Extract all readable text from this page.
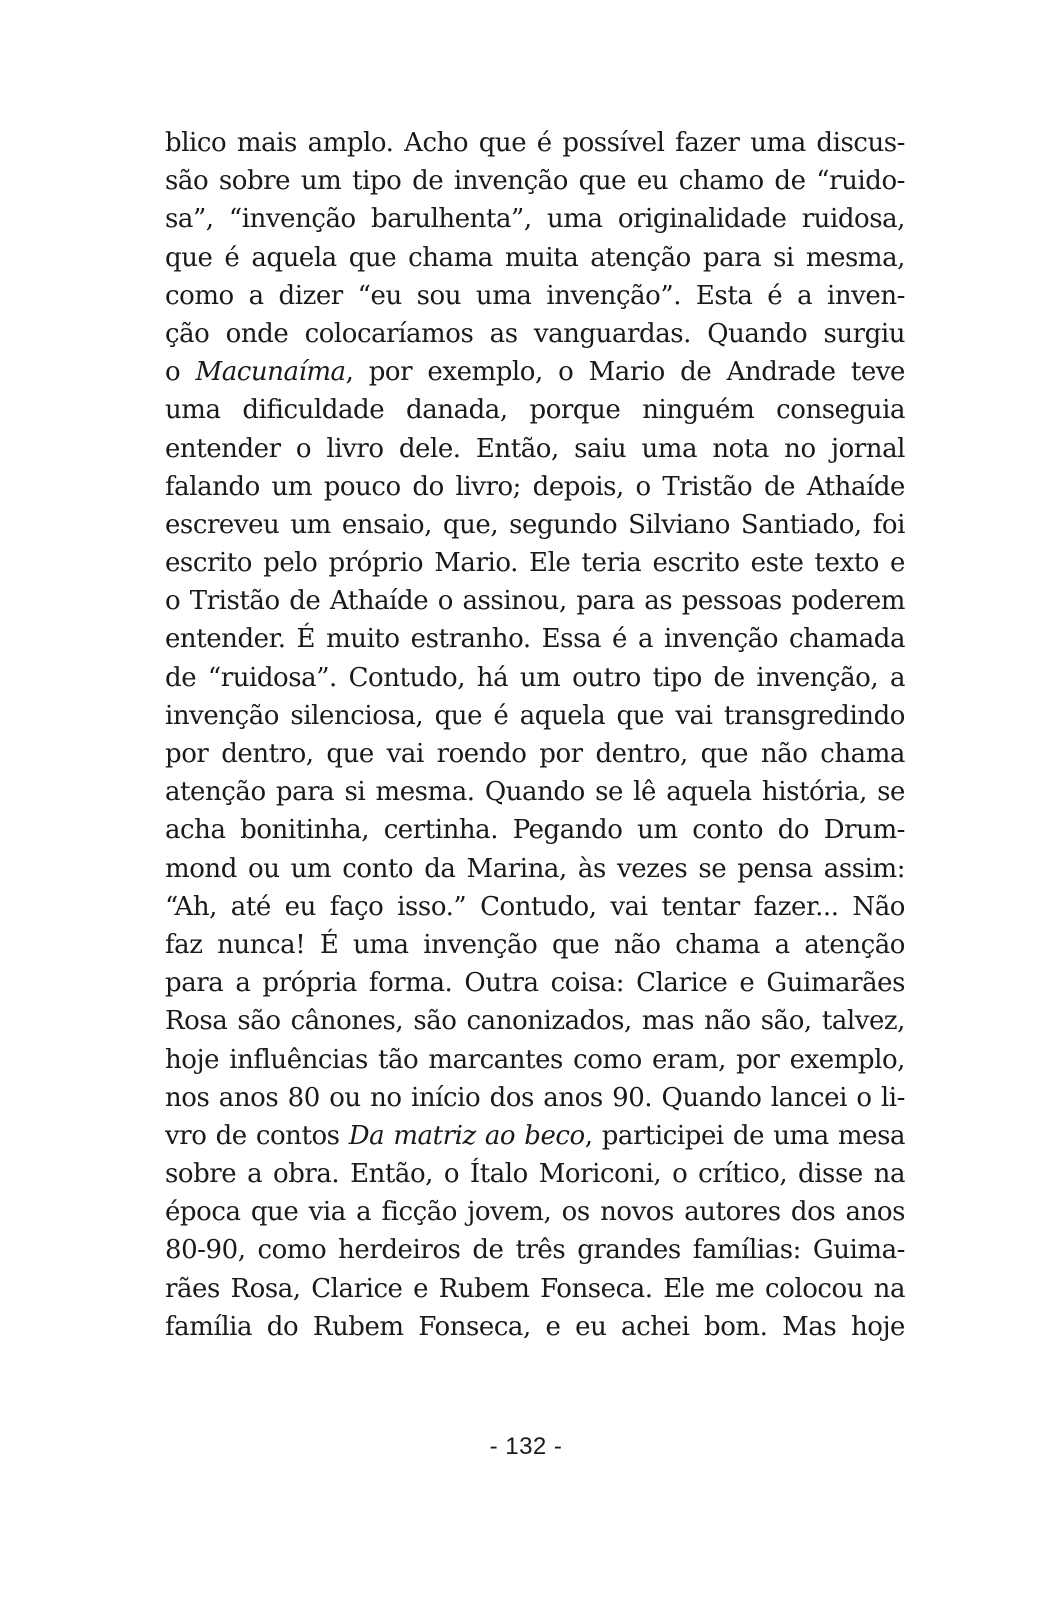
blico mais amplo. Acho que é possível fazer uma discus-
são sobre um tipo de invenção que eu chamo de “ruido-
sa”, “invenção barulhenta”, uma originalidade ruidosa,
que é aquela que chama muita atenção para si mesma,
como a dizer “eu sou uma invenção”. Esta é a inven-
ção onde colocaríamos as vanguardas. Quando surgiu
o Macunaíma, por exemplo, o Mario de Andrade teve
uma dificuldade danada, porque ninguém conseguia
entender o livro dele. Então, saiu uma nota no jornal
falando um pouco do livro; depois, o Tristão de Athaíde
escreveu um ensaio, que, segundo Silviano Santiado, foi
escrito pelo próprio Mario. Ele teria escrito este texto e
o Tristão de Athaíde o assinou, para as pessoas poderem
entender. É muito estranho. Essa é a invenção chamada
de “ruidosa”. Contudo, há um outro tipo de invenção, a
invenção silenciosa, que é aquela que vai transgredindo
por dentro, que vai roendo por dentro, que não chama
atenção para si mesma. Quando se lê aquela história, se
acha bonitinha, certinha. Pegando um conto do Drum-
mond ou um conto da Marina, às vezes se pensa assim:
“Ah, até eu faço isso.” Contudo, vai tentar fazer... Não
faz nunca! É uma invenção que não chama a atenção
para a própria forma. Outra coisa: Clarice e Guimarães
Rosa são cânones, são canonizados, mas não são, talvez,
hoje influências tão marcantes como eram, por exemplo,
nos anos 80 ou no início dos anos 90. Quando lancei o li-
vro de contos Da matriz ao beco, participei de uma mesa
sobre a obra. Então, o Ítalo Moriconi, o crítico, disse na
época que via a ficção jovem, os novos autores dos anos
80-90, como herdeiros de três grandes famílias: Guima-
rães Rosa, Clarice e Rubem Fonseca. Ele me colocou na
família do Rubem Fonseca, e eu achei bom. Mas hoje
- 132 -
